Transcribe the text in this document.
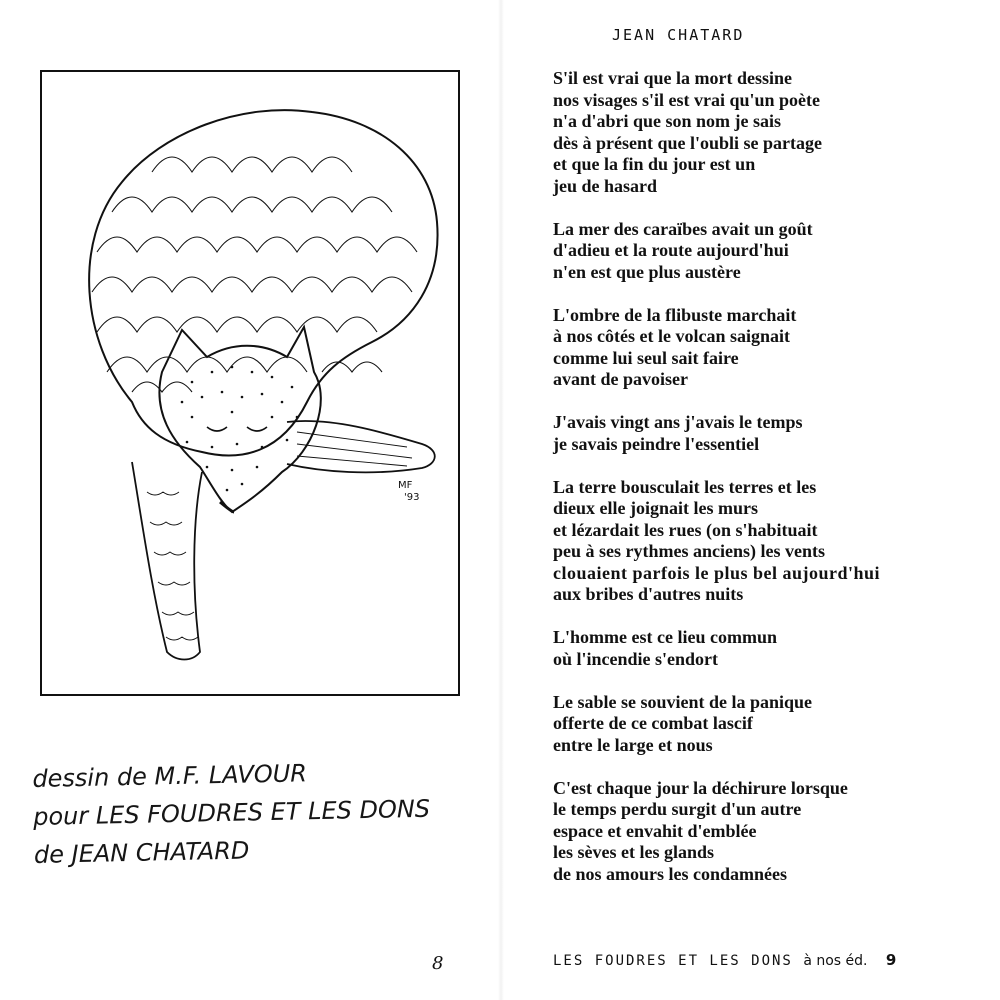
MF
'93
dessin de M.F. LAVOUR
pour LES FOUDRES ET LES DONS
de JEAN CHATARD
8
JEAN CHATARD
S'il est vrai que la mort dessine
nos visages s'il est vrai qu'un poète
n'a d'abri que son nom je sais
dès à présent que l'oubli se partage
et que la fin du jour est un
jeu de hasard
La mer des caraïbes avait un goût
d'adieu et la route aujourd'hui
n'en est que plus austère
L'ombre de la flibuste marchait
à nos côtés et le volcan saignait
comme lui seul sait faire
avant de pavoiser
J'avais vingt ans j'avais le temps
je savais peindre l'essentiel
La terre bousculait les terres et les
dieux elle joignait les murs
et lézardait les rues (on s'habituait
peu à ses rythmes anciens) les vents
clouaient parfois le plus bel aujourd'hui
aux bribes d'autres nuits
L'homme est ce lieu commun
où l'incendie s'endort
Le sable se souvient de la panique
offerte de ce combat lascif
entre le large et nous
C'est chaque jour la déchirure lorsque
le temps perdu surgit d'un autre
espace et envahit d'emblée
les sèves et les glands
de nos amours les condamnées
LES FOUDRES ET LES DONS à nos éd. 9
